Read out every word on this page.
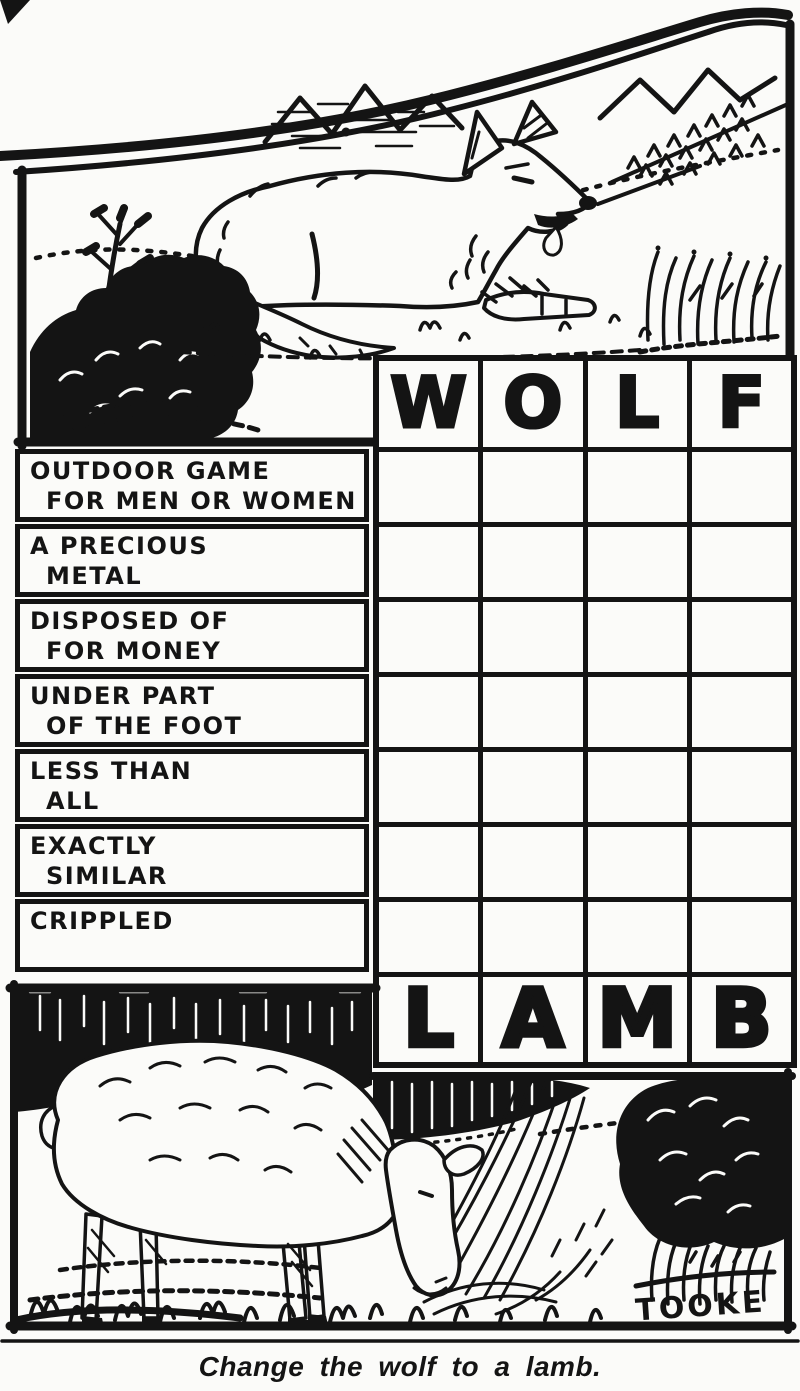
W O L F
L A M B
OUTDOOR GAME
FOR MEN OR WOMEN
A PRECIOUS
METAL
DISPOSED OF
FOR MONEY
UNDER PART
OF THE FOOT
LESS THAN
ALL
EXACTLY
SIMILAR
CRIPPLED
TOOKE
Change the wolf to a lamb.
